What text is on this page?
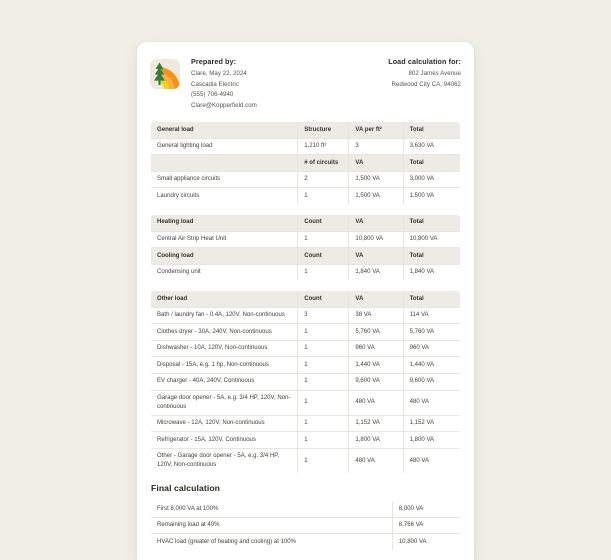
Prepared by:
Clare, May 22, 2024
Cascadia Electric
(555) 706-4940
Clare@Kopperfield.com
Load calculation for:
802 James Avenue
Redwood City CA, 94062
General load	Structure	VA per ft²	Total
General lighting load	1,210 ft²	3	3,630 VA
	# of circuits	VA	Total
Small appliance circuits	2	1,500 VA	3,000 VA
Laundry circuits	1	1,500 VA	1,500 VA
Heating load	Count	VA	Total
Central Air Strip Heat Unit	1	10,800 VA	10,800 VA
Cooling load	Count	VA	Total
Condensing unit	1	1,840 VA	1,840 VA
Other load	Count	VA	Total
Bath / laundry fan - 0.4A, 120V, Non-continuous	3	38 VA	114 VA
Clothes dryer - 30A, 240V, Non-continuous	1	5,760 VA	5,760 VA
Dishwasher - 10A, 120V, Non-continuous	1	960 VA	960 VA
Disposal - 15A, e.g. 1 hp, Non-continuous	1	1,440 VA	1,440 VA
EV charger - 40A, 240V, Continuous	1	9,600 VA	9,600 VA
Garage door opener - 5A, e.g. 3/4 HP, 120V, Non-continuous	1	480 VA	480 VA
Microwave - 12A, 120V, Non-continuous	1	1,152 VA	1,152 VA
Refrigerator - 15A, 120V, Continuous	1	1,800 VA	1,800 VA
Other - Garage door opener - 5A, e.g. 3/4 HP, 120V, Non-continuous	1	480 VA	480 VA
Final calculation
First 8,000 VA at 100%	8,000 VA
Remaining load at 40%	8,766 VA
HVAC load (greater of heating and cooling) at 100%	10,800 VA
